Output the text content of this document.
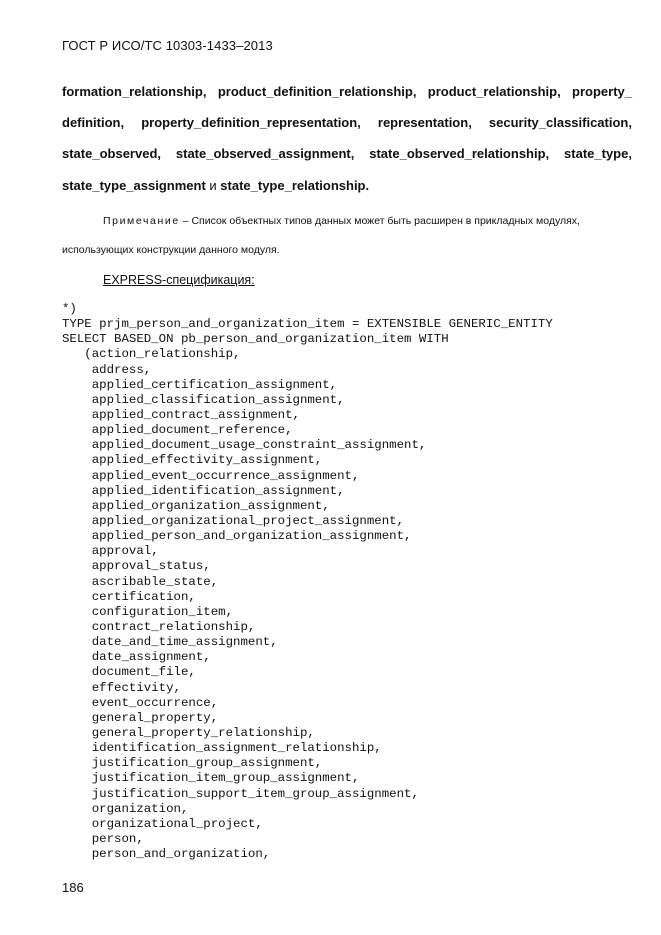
ГОСТ Р ИСО/ТС 10303-1433–2013
formation_relationship, product_definition_relationship, product_relationship, property_
definition, property_definition_representation, representation, security_classification,
state_observed, state_observed_assignment, state_observed_relationship, state_type,
state_type_assignment и state_type_relationship.
Примечание – Список объектных типов данных может быть расширен в прикладных модулях,
использующих конструкции данного модуля.
EXPRESS-спецификация:
*)
TYPE prjm_person_and_organization_item = EXTENSIBLE GENERIC_ENTITY
SELECT BASED_ON pb_person_and_organization_item WITH
(action_relationship,
address,
applied_certification_assignment,
applied_classification_assignment,
applied_contract_assignment,
applied_document_reference,
applied_document_usage_constraint_assignment,
applied_effectivity_assignment,
applied_event_occurrence_assignment,
applied_identification_assignment,
applied_organization_assignment,
applied_organizational_project_assignment,
applied_person_and_organization_assignment,
approval,
approval_status,
ascribable_state,
certification,
configuration_item,
contract_relationship,
date_and_time_assignment,
date_assignment,
document_file,
effectivity,
event_occurrence,
general_property,
general_property_relationship,
identification_assignment_relationship,
justification_group_assignment,
justification_item_group_assignment,
justification_support_item_group_assignment,
organization,
organizational_project,
person,
person_and_organization,
186
